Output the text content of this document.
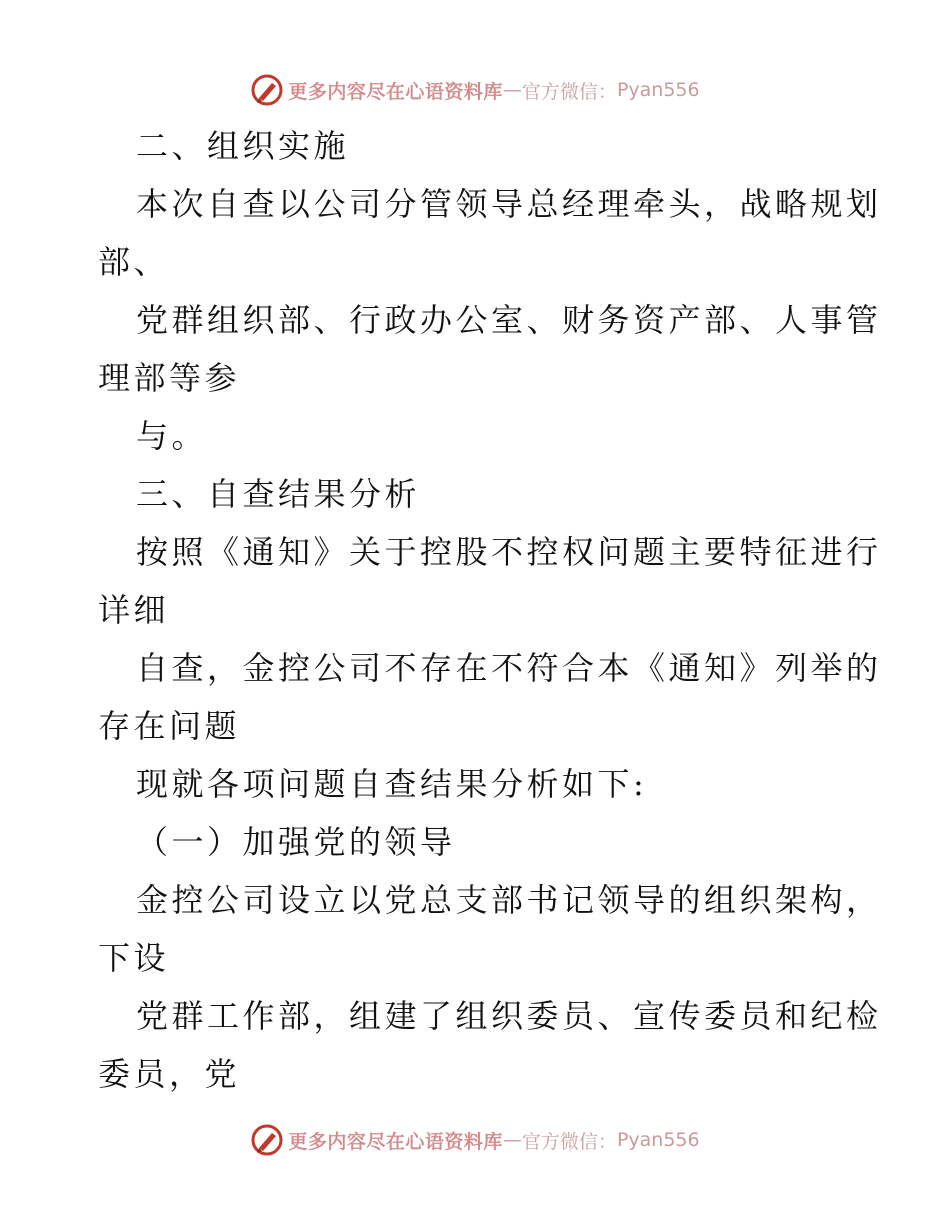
更多内容尽在心语资料库 — 官方微信： Pyan556
二、组织实施
本次自查以公司分管领导总经理牵头，战略规划
部、
党群组织部、行政办公室、财务资产部、人事管
理部等参
与。
三、自查结果分析
按照《通知》关于控股不控权问题主要特征进行
详细
自查，金控公司不存在不符合本《通知》列举的
存在问题
现就各项问题自查结果分析如下:
（一）加强党的领导
金控公司设立以党总支部书记领导的组织架构，
下设
党群工作部，组建了组织委员、宣传委员和纪检
委员，党
更多内容尽在心语资料库 — 官方微信： Pyan556
